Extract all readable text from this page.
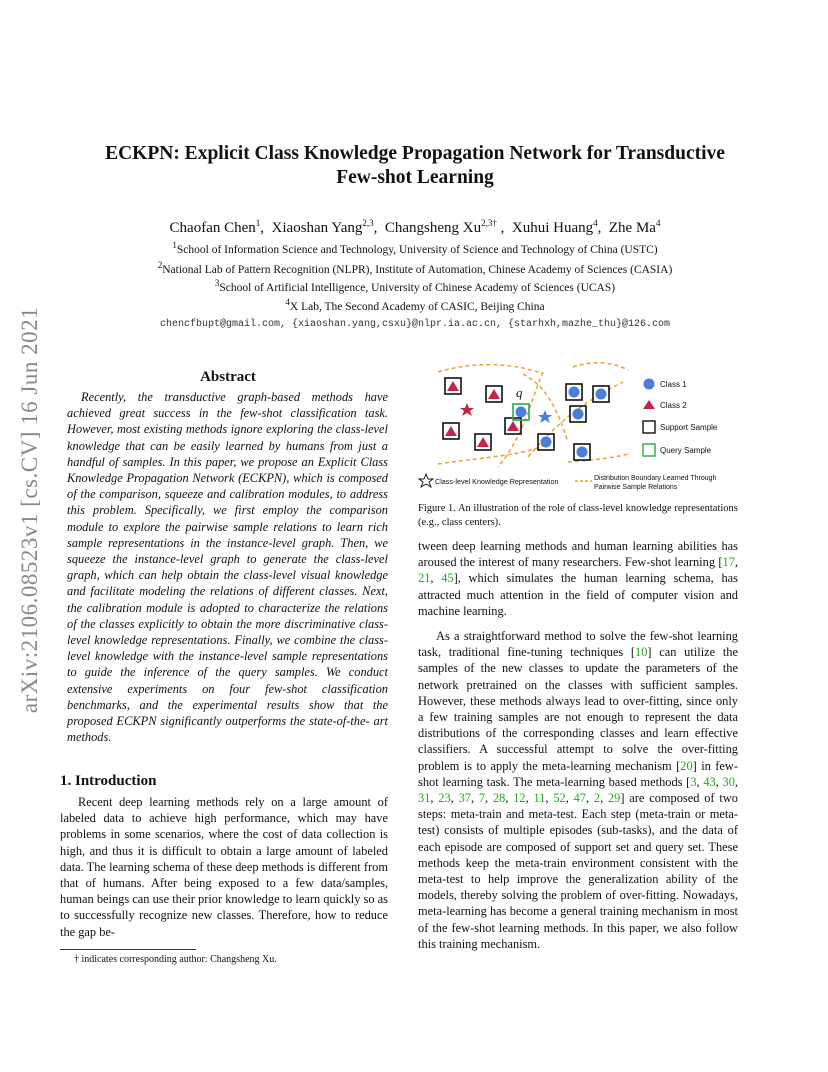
arXiv:2106.08523v1 [cs.CV] 16 Jun 2021
ECKPN: Explicit Class Knowledge Propagation Network for Transductive
Few-shot Learning
Chaofan Chen$^1$,  Xiaoshan Yang$^{2,3}$,  Changsheng $Xu^{2,3\dagger}$ ,  Xuhui Huang$^4$,  Zhe Ma$^4$
$^1$School of Information Science and Technology, University of Science and Technology of China (USTC)
$^2$National Lab of Pattern Recognition (NLPR), Institute of Automation, Chinese Academy of Sciences (CASIA)
$^3$School of Artificial Intelligence, University of Chinese Academy of Sciences (UCAS)
$^4$X Lab, The Second Academy of CASIC, Beijing China
chencfbupt@gmail.com, {xiaoshan.yang,csxu}@nlpr.ia.ac.cn, {starhxh,mazhe_thu}@126.com
Abstract
Recently, the transductive graph-based methods have achieved great success in the few-shot classification task. However, most existing methods ignore exploring the class-level knowledge that can be easily learned by humans from just a handful of samples. In this paper, we propose an Explicit Class Knowledge Propagation Network (ECKPN), which is composed of the comparison, squeeze and calibration modules, to address this problem. Specifically, we first employ the comparison module to explore the pairwise sample relations to learn rich sample representations in the instance-level graph. Then, we squeeze the instance-level graph to generate the class-level graph, which can help obtain the class-level visual knowledge and facilitate modeling the relations of different classes. Next, the calibration module is adopted to characterize the relations of the classes explicitly to obtain the more discriminative class-level knowledge representations. Finally, we combine the class-level knowledge with the instance-level sample representations to guide the inference of the query samples. We conduct extensive experiments on four few-shot classification benchmarks, and the experimental results show that the proposed ECKPN significantly outperforms the state-of-the- art methods.
1. Introduction

Recent deep learning methods rely on a large amount of labeled data to achieve high performance, which may have problems in some scenarios, where the cost of data collection is high, and thus it is difficult to obtain a large amount of labeled data. The learning schema of these deep methods is different from that of humans. After being exposed to a few data/samples, human beings can use their prior knowledge to learn quickly so as to successfully recognize new classes. Therefore, how to reduce the gap be-

† indicates corresponding author: Changsheng Xu.
q
Class 1
Class 2
Support Sample
Query Sample
Class-level Knowledge Representation	Distribution Boundary Learned Through
Pairwise Sample Relations
Figure 1. An illustration of the role of class-level knowledge representations (e.g., class centers).

tween deep learning methods and human learning abilities has aroused the interest of many researchers. Few-shot learning [17, 21, 45], which simulates the human learning schema, has attracted much attention in the field of computer vision and machine learning.

As a straightforward method to solve the few-shot learning task, traditional fine-tuning techniques [10] can utilize the samples of the new classes to update the parameters of the network pretrained on the classes with sufficient samples. However, these methods always lead to over-fitting, since only a few training samples are not enough to represent the data distributions of the corresponding classes and learn effective classifiers. A successful attempt to solve the over-fitting problem is to apply the meta-learning mechanism [20] in few-shot learning task. The meta-learning based methods [3, 43, 30, 31, 23, 37, 7, 28, 12, 11, 52, 47, 2, 29] are composed of two steps: meta-train and meta-test. Each step (meta-train or meta-test) consists of multiple episodes (sub-tasks), and the data of each episode are composed of support set and query set. These methods keep the meta-train environment consistent with the meta-test to help improve the generalization ability of the models, thereby solving the problem of over-fitting. Nowadays, meta-learning has become a general training mechanism in most of the few-shot learning methods. In this paper, we also follow this training mechanism.
